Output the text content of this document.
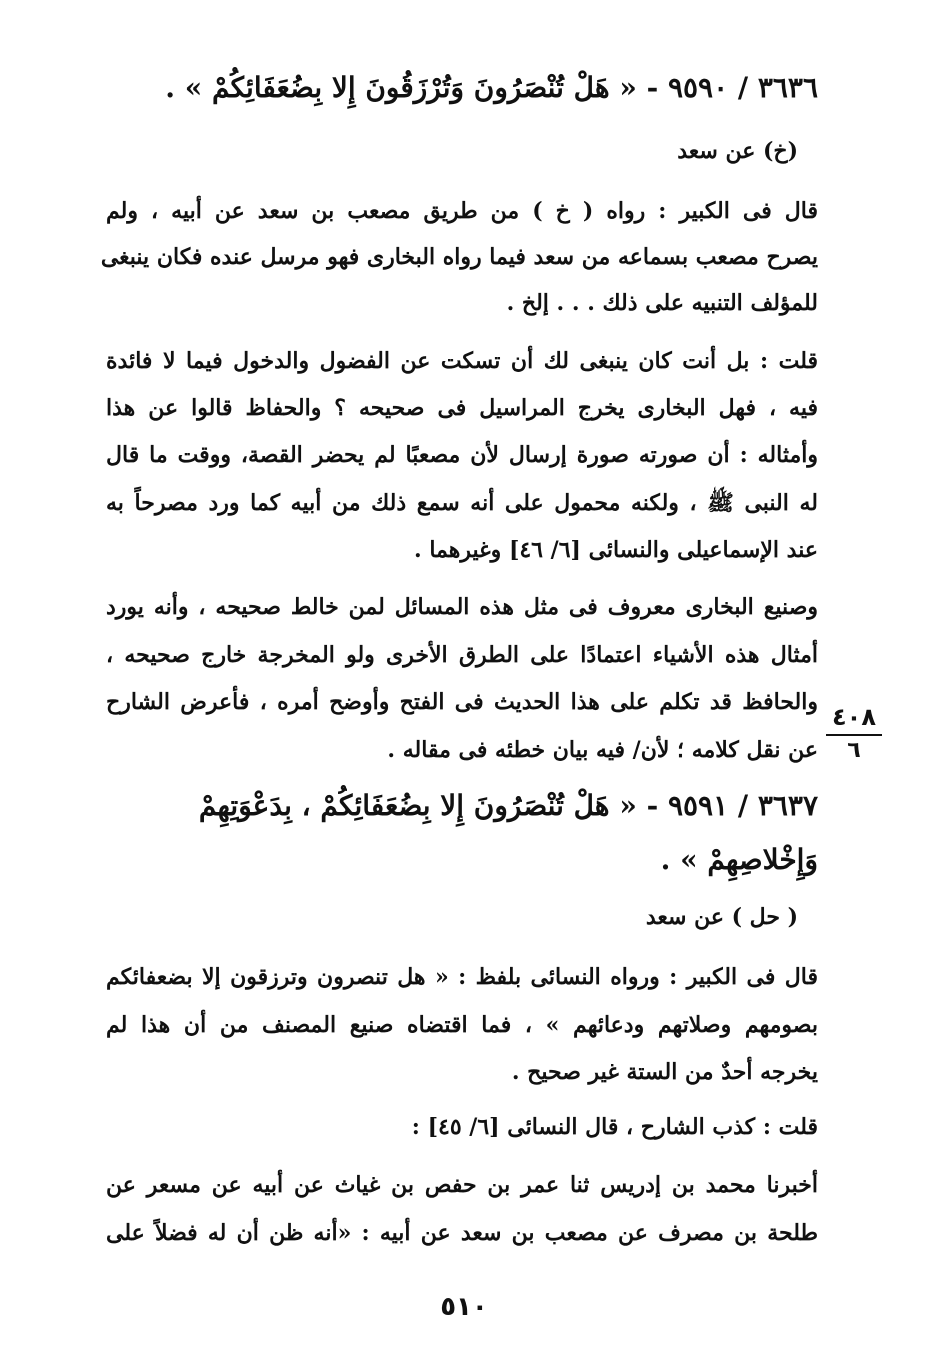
٣٦٣٦ / ٩٥٩٠ - « هَلْ تُنْصَرُونَ وَتُرْزَقُونَ إِلا بِضُعَفَائِكُمْ » .
(خ) عن سعد
قال فى الكبير : رواه ( خ ) من طريق مصعب بن سعد عن أبيه ، ولم
يصرح مصعب بسماعه من سعد فيما رواه البخارى فهو مرسل عنده فكان ينبغى
للمؤلف التنبيه على ذلك . . . إلخ .
قلت : بل أنت كان ينبغى لك أن تسكت عن الفضول والدخول فيما لا فائدة
فيه ، فهل البخارى يخرج المراسيل فى صحيحه ؟ والحفاظ قالوا عن هذا
وأمثاله : أن صورته صورة إرسال لأن مصعبًا لم يحضر القصة، ووقت ما قال
له النبى ﷺ ، ولكنه محمول على أنه سمع ذلك من أبيه كما ورد مصرحاً به
عند الإسماعيلى والنسائى [٦/ ٤٦] وغيرهما .
وصنيع البخارى معروف فى مثل هذه المسائل لمن خالط صحيحه ، وأنه يورد
أمثال هذه الأشياء اعتمادًا على الطرق الأخرى ولو المخرجة خارج صحيحه ،
والحافظ قد تكلم على هذا الحديث فى الفتح وأوضح أمره ، فأعرض الشارح
عن نقل كلامه ؛ لأن/ فيه بيان خطئه فى مقاله .
٤٠٨
٦
٣٦٣٧ / ٩٥٩١ - « هَلْ تُنْصَرُونَ إِلا بِضُعَفَائِكُمْ ، بِدَعْوَتِهِمْ
وَإِخْلاصِهِمْ » .
( حل ) عن سعد
قال فى الكبير : ورواه النسائى بلفظ : « هل تنصرون وترزقون إلا بضعفائكم
بصومهم وصلاتهم ودعائهم » ، فما اقتضاه صنيع المصنف من أن هذا لم
يخرجه أحدٌ من الستة غير صحيح .
قلت : كذب الشارح ، قال النسائى [٦/ ٤٥] :
أخبرنا محمد بن إدريس ثنا عمر بن حفص بن غياث عن أبيه عن مسعر عن
طلحة بن مصرف عن مصعب بن سعد عن أبيه : «أنه ظن أن له فضلاً على
٥١٠
